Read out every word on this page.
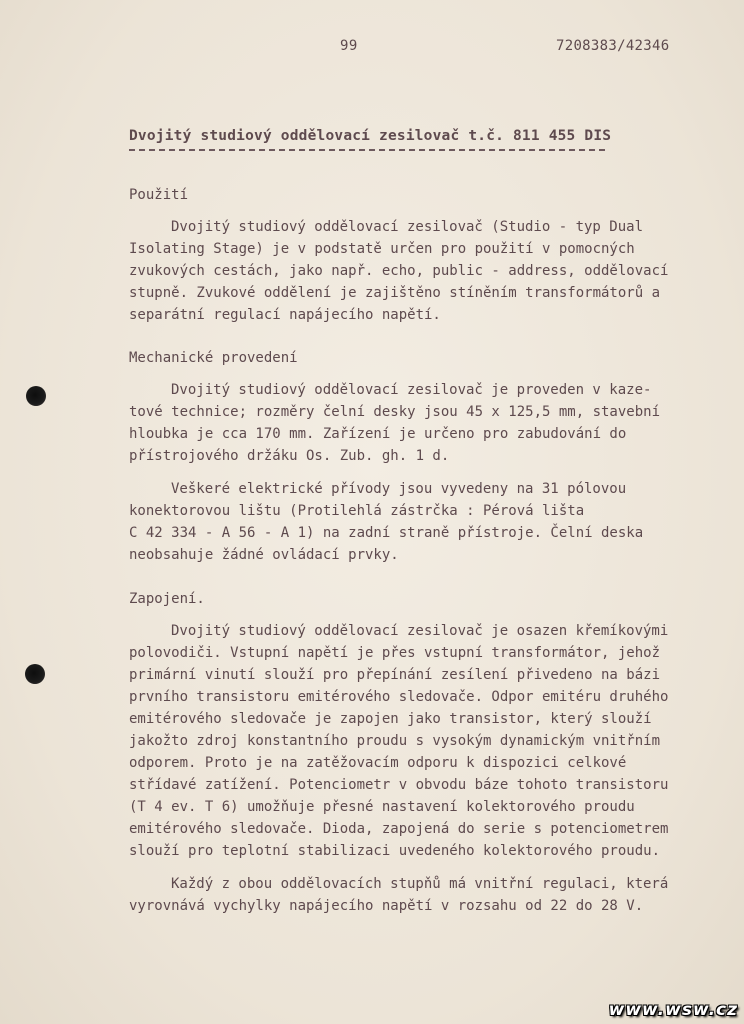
99	7208383/42346
Dvojitý studiový oddělovací zesilovač t.č. 811 455 DIS
Použití
Dvojitý studiový oddělovací zesilovač (Studio - typ Dual
Isolating Stage) je v podstatě určen pro použití v pomocných
zvukových cestách, jako např. echo, public - address, oddělovací
stupně. Zvukové oddělení je zajištěno stíněním transformátorů a
separátní regulací napájecího napětí.
Mechanické provedení
Dvojitý studiový oddělovací zesilovač je proveden v kaze-
tové technice; rozměry čelní desky jsou 45 x 125,5 mm, stavební
hloubka je cca 170 mm. Zařízení je určeno pro zabudování do
přístrojového držáku Os. Zub. gh. 1 d.
Veškeré elektrické přívody jsou vyvedeny na 31 pólovou
konektorovou lištu (Protilehlá zástrčka : Pérová lišta
C 42 334 - A 56 - A 1) na zadní straně přístroje. Čelní deska
neobsahuje žádné ovládací prvky.
Zapojení.
Dvojitý studiový oddělovací zesilovač je osazen křemíkovými
polovodiči. Vstupní napětí je přes vstupní transformátor, jehož
primární vinutí slouží pro přepínání zesílení přivedeno na bázi
prvního transistoru emitérového sledovače. Odpor emitéru druhého
emitérového sledovače je zapojen jako transistor, který slouží
jakožto zdroj konstantního proudu s vysokým dynamickým vnitřním
odporem. Proto je na zatěžovacím odporu k dispozici celkové
střídavé zatížení. Potenciometr v obvodu báze tohoto transistoru
(T 4 ev. T 6) umožňuje přesné nastavení kolektorového proudu
emitérového sledovače. Dioda, zapojená do serie s potenciometrem
slouží pro teplotní stabilizaci uvedeného kolektorového proudu.
Každý z obou oddělovacích stupňů má vnitřní regulaci, která
vyrovnává vychylky napájecího napětí v rozsahu od 22 do 28 V.
www.wsw.cz
